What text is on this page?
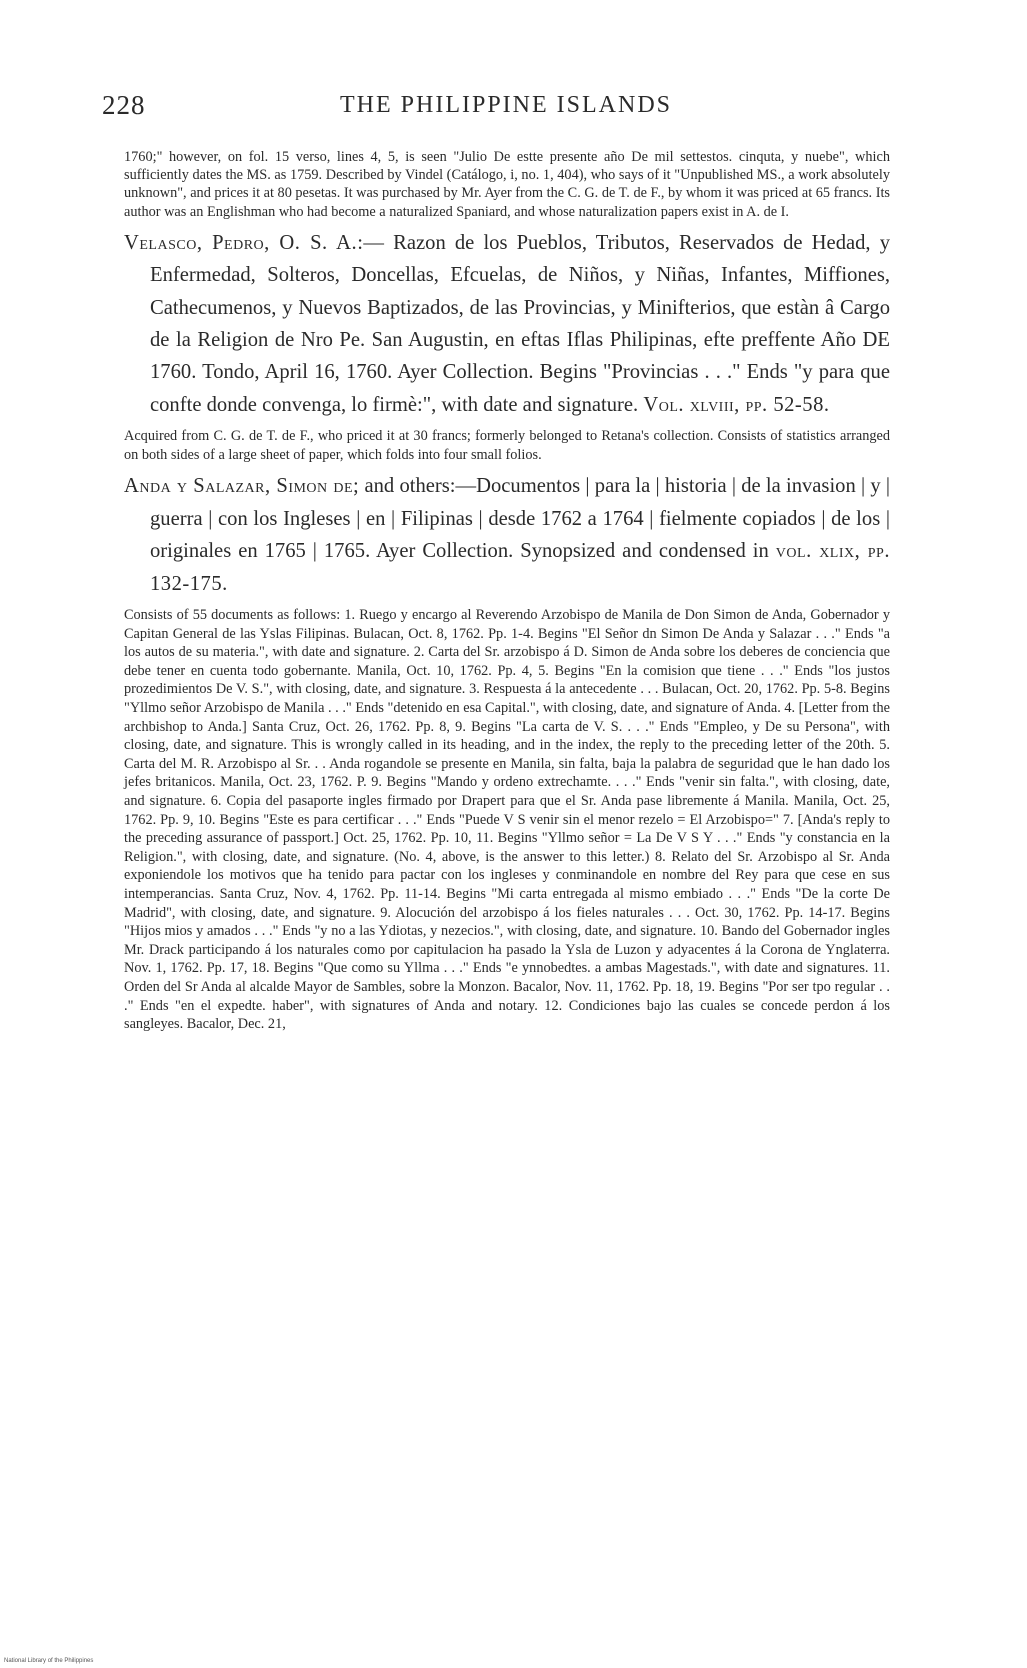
228	THE PHILIPPINE ISLANDS

1760;" however, on fol. 15 verso, lines 4, 5, is seen "Julio De estte presente año De mil settestos. cinquta, y nuebe", which sufficiently dates the MS. as 1759. Described by Vindel (Catálogo, i, no. 1, 404), who says of it "Unpublished MS., a work absolutely unknown", and prices it at 80 pesetas. It was purchased by Mr. Ayer from the C. G. de T. de F., by whom it was priced at 65 francs. Its author was an Englishman who had become a naturalized Spaniard, and whose naturalization papers exist in A. de I.

Velasco, Pedro, O. S. A.:— Razon de los Pueblos, Tributos, Reservados de Hedad, y Enfermedad, Solteros, Doncellas, Efcuelas, de Niños, y Niñas, Infantes, Miffiones, Cathecumenos, y Nuevos Baptizados, de las Provincias, y Minifterios, que estàn â Cargo de la Religion de Nro Pe. San Augustin, en eftas Iflas Philipinas, efte preffente Año DE 1760. Tondo, April 16, 1760. Ayer Collection. Begins "Provincias . . ." Ends "y para que confte donde convenga, lo firmè:", with date and signature. Vol. xlviii, pp. 52-58.

Acquired from C. G. de T. de F., who priced it at 30 francs; formerly belonged to Retana's collection. Consists of statistics arranged on both sides of a large sheet of paper, which folds into four small folios.

Anda y Salazar, Simon de; and others:—Documentos | para la | historia | de la invasion | y | guerra | con los Ingleses | en | Filipinas | desde 1762 a 1764 | fielmente copiados | de los | originales en 1765 | 1765. Ayer Collection. Synopsized and condensed in vol. xlix, pp. 132-175.

Consists of 55 documents as follows: 1. Ruego y encargo al Reverendo Arzobispo de Manila de Don Simon de Anda, Gobernador y Capitan General de las Yslas Filipinas. Bulacan, Oct. 8, 1762. Pp. 1-4. Begins "El Señor dn Simon De Anda y Salazar . . ." Ends "a los autos de su materia.", with date and signature. 2. Carta del Sr. arzobispo á D. Simon de Anda sobre los deberes de conciencia que debe tener en cuenta todo gobernante. Manila, Oct. 10, 1762. Pp. 4, 5. Begins "En la comision que tiene . . ." Ends "los justos prozedimientos De V. S.", with closing, date, and signature. 3. Respuesta á la antecedente . . . Bulacan, Oct. 20, 1762. Pp. 5-8. Begins "Yllmo señor Arzobispo de Manila . . ." Ends "detenido en esa Capital.", with closing, date, and signature of Anda. 4. [Letter from the archbishop to Anda.] Santa Cruz, Oct. 26, 1762. Pp. 8, 9. Begins "La carta de V. S. . . ." Ends "Empleo, y De su Persona", with closing, date, and signature. This is wrongly called in its heading, and in the index, the reply to the preceding letter of the 20th. 5. Carta del M. R. Arzobispo al Sr. . . Anda rogandole se presente en Manila, sin falta, baja la palabra de seguridad que le han dado los jefes britanicos. Manila, Oct. 23, 1762. P. 9. Begins "Mando y ordeno extrechamte. . . ." Ends "venir sin falta.", with closing, date, and signature. 6. Copia del pasaporte ingles firmado por Drapert para que el Sr. Anda pase libremente á Manila. Manila, Oct. 25, 1762. Pp. 9, 10. Begins "Este es para certificar . . ." Ends "Puede V S venir sin el menor rezelo = El Arzobispo=" 7. [Anda's reply to the preceding assurance of passport.] Oct. 25, 1762. Pp. 10, 11. Begins "Yllmo señor = La De V S Y . . ." Ends "y constancia en la Religion.", with closing, date, and signature. (No. 4, above, is the answer to this letter.) 8. Relato del Sr. Arzobispo al Sr. Anda exponiendole los motivos que ha tenido para pactar con los ingleses y conminandole en nombre del Rey para que cese en sus intemperancias. Santa Cruz, Nov. 4, 1762. Pp. 11-14. Begins "Mi carta entregada al mismo embiado . . ." Ends "De la corte De Madrid", with closing, date, and signature. 9. Alocución del arzobispo á los fieles naturales . . . Oct. 30, 1762. Pp. 14-17. Begins "Hijos mios y amados . . ." Ends "y no a las Ydiotas, y nezecios.", with closing, date, and signature. 10. Bando del Gobernador ingles Mr. Drack participando á los naturales como por capitulacion ha pasado la Ysla de Luzon y adyacentes á la Corona de Ynglaterra. Nov. 1, 1762. Pp. 17, 18. Begins "Que como su Yllma . . ." Ends "e ynnobedtes. a ambas Magestads.", with date and signatures. 11. Orden del Sr Anda al alcalde Mayor de Sambles, sobre la Monzon. Bacalor, Nov. 11, 1762. Pp. 18, 19. Begins "Por ser tpo regular . . ." Ends "en el expedte. haber", with signatures of Anda and notary. 12. Condiciones bajo las cuales se concede perdon á los sangleyes. Bacalor, Dec. 21,

National Library of the Philippines
